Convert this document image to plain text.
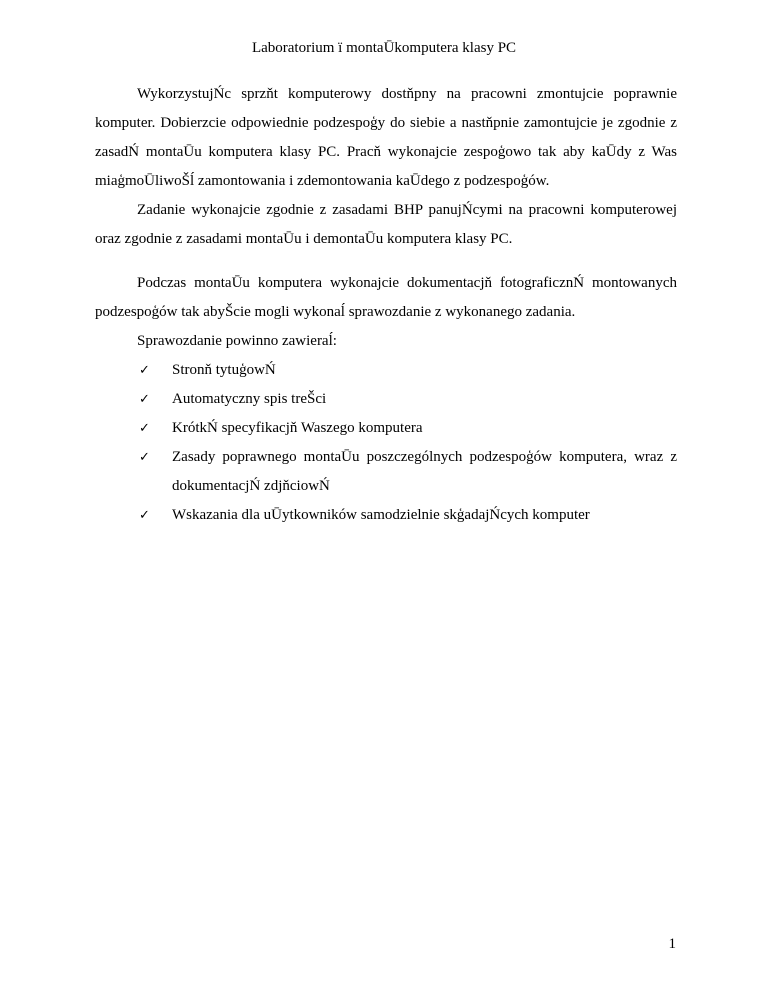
Laboratorium ï montaŪkomputera klasy PC

WykorzystujŃc sprzňt komputerowy dostňpny na pracowni zmontujcie poprawnie komputer. Dobierzcie odpowiednie podzespoģy do siebie a nastňpnie zamontujcie je zgodnie z zasadŃ montaŪu komputera klasy PC. Pracň wykonajcie zespoģowo tak aby kaŪdy z Was miaģmoŪliwoŠĺ zamontowania i zdemontowania kaŪdego z podzespoģów.

Zadanie wykonajcie zgodnie z zasadami BHP panujŃcymi na pracowni komputerowej oraz zgodnie z zasadami montaŪu i demontaŪu komputera klasy PC.

Podczas montaŪu komputera wykonajcie dokumentacjň fotograficznŃ montowanych podzespoģów tak abyŠcie mogli wykonaĺ sprawozdanie z wykonanego zadania.

Sprawozdanie powinno zawieraĺ:

✓	Stronň tytuģowŃ
✓	Automatyczny spis treŠci
✓	KrótkŃ specyfikacjň Waszego komputera
✓	Zasady poprawnego montaŪu poszczególnych podzespoģów komputera, wraz z dokumentacjŃ zdjňciowŃ
✓	Wskazania dla uŪytkowników samodzielnie skģadajŃcych komputer
1
